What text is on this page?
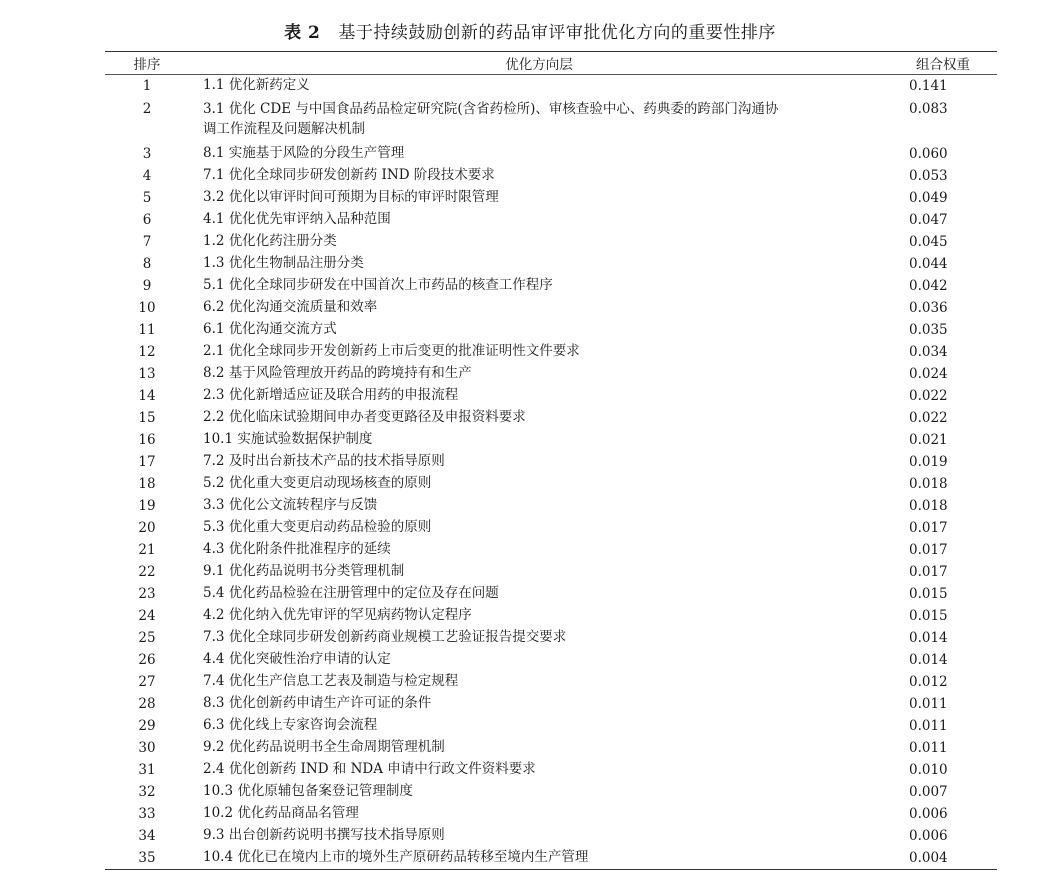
表 2 基于持续鼓励创新的药品审评审批优化方向的重要性排序
排序	优化方向层	组合权重
1	1.1 优化新药定义	0.141
2	3.1 优化 CDE 与中国食品药品检定研究院(含省药检所)、审核查验中心、药典委的跨部门沟通协调工作流程及问题解决机制	0.083
3	8.1 实施基于风险的分段生产管理	0.060
4	7.1 优化全球同步研发创新药 IND 阶段技术要求	0.053
5	3.2 优化以审评时间可预期为目标的审评时限管理	0.049
6	4.1 优化优先审评纳入品种范围	0.047
7	1.2 优化化药注册分类	0.045
8	1.3 优化生物制品注册分类	0.044
9	5.1 优化全球同步研发在中国首次上市药品的核查工作程序	0.042
10	6.2 优化沟通交流质量和效率	0.036
11	6.1 优化沟通交流方式	0.035
12	2.1 优化全球同步开发创新药上市后变更的批准证明性文件要求	0.034
13	8.2 基于风险管理放开药品的跨境持有和生产	0.024
14	2.3 优化新增适应证及联合用药的申报流程	0.022
15	2.2 优化临床试验期间申办者变更路径及申报资料要求	0.022
16	10.1 实施试验数据保护制度	0.021
17	7.2 及时出台新技术产品的技术指导原则	0.019
18	5.2 优化重大变更启动现场核查的原则	0.018
19	3.3 优化公文流转程序与反馈	0.018
20	5.3 优化重大变更启动药品检验的原则	0.017
21	4.3 优化附条件批准程序的延续	0.017
22	9.1 优化药品说明书分类管理机制	0.017
23	5.4 优化药品检验在注册管理中的定位及存在问题	0.015
24	4.2 优化纳入优先审评的罕见病药物认定程序	0.015
25	7.3 优化全球同步研发创新药商业规模工艺验证报告提交要求	0.014
26	4.4 优化突破性治疗申请的认定	0.014
27	7.4 优化生产信息工艺表及制造与检定规程	0.012
28	8.3 优化创新药申请生产许可证的条件	0.011
29	6.3 优化线上专家咨询会流程	0.011
30	9.2 优化药品说明书全生命周期管理机制	0.011
31	2.4 优化创新药 IND 和 NDA 申请中行政文件资料要求	0.010
32	10.3 优化原辅包备案登记管理制度	0.007
33	10.2 优化药品商品名管理	0.006
34	9.3 出台创新药说明书撰写技术指导原则	0.006
35	10.4 优化已在境内上市的境外生产原研药品转移至境内生产管理	0.004
